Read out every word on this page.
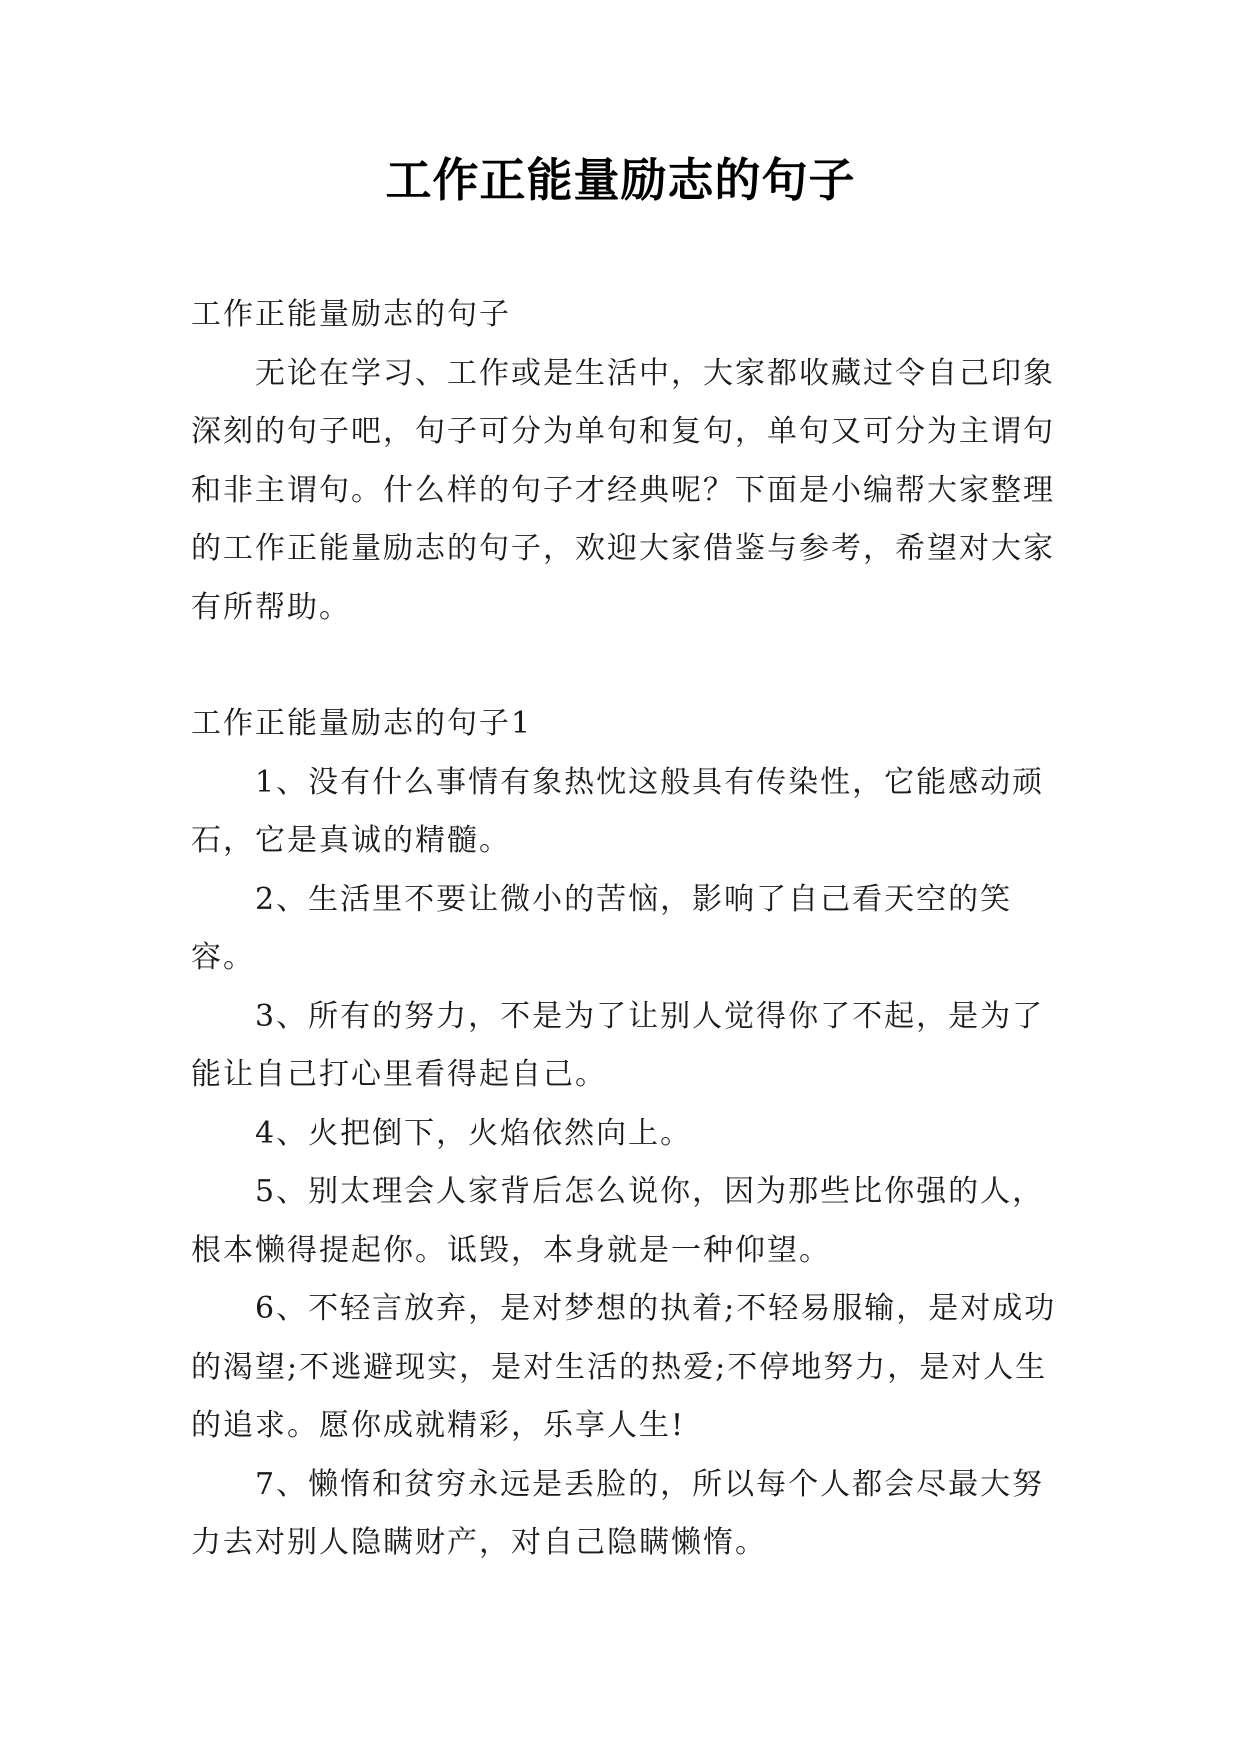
工作正能量励志的句子

工作正能量励志的句子

无论在学习、工作或是生活中，大家都收藏过令自己印象深刻的句子吧，句子可分为单句和复句，单句又可分为主谓句和非主谓句。什么样的句子才经典呢？下面是小编帮大家整理的工作正能量励志的句子，欢迎大家借鉴与参考，希望对大家有所帮助。

工作正能量励志的句子1

1、没有什么事情有象热忱这般具有传染性，它能感动顽石，它是真诚的精髓。

2、生活里不要让微小的苦恼，影响了自己看天空的笑容。

3、所有的努力，不是为了让别人觉得你了不起，是为了能让自己打心里看得起自己。

4、火把倒下，火焰依然向上。

5、别太理会人家背后怎么说你，因为那些比你强的人，根本懒得提起你。诋毁，本身就是一种仰望。

6、不轻言放弃，是对梦想的执着;不轻易服输，是对成功的渴望;不逃避现实，是对生活的热爱;不停地努力，是对人生的追求。愿你成就精彩，乐享人生!

7、懒惰和贫穷永远是丢脸的，所以每个人都会尽最大努力去对别人隐瞒财产，对自己隐瞒懒惰。
